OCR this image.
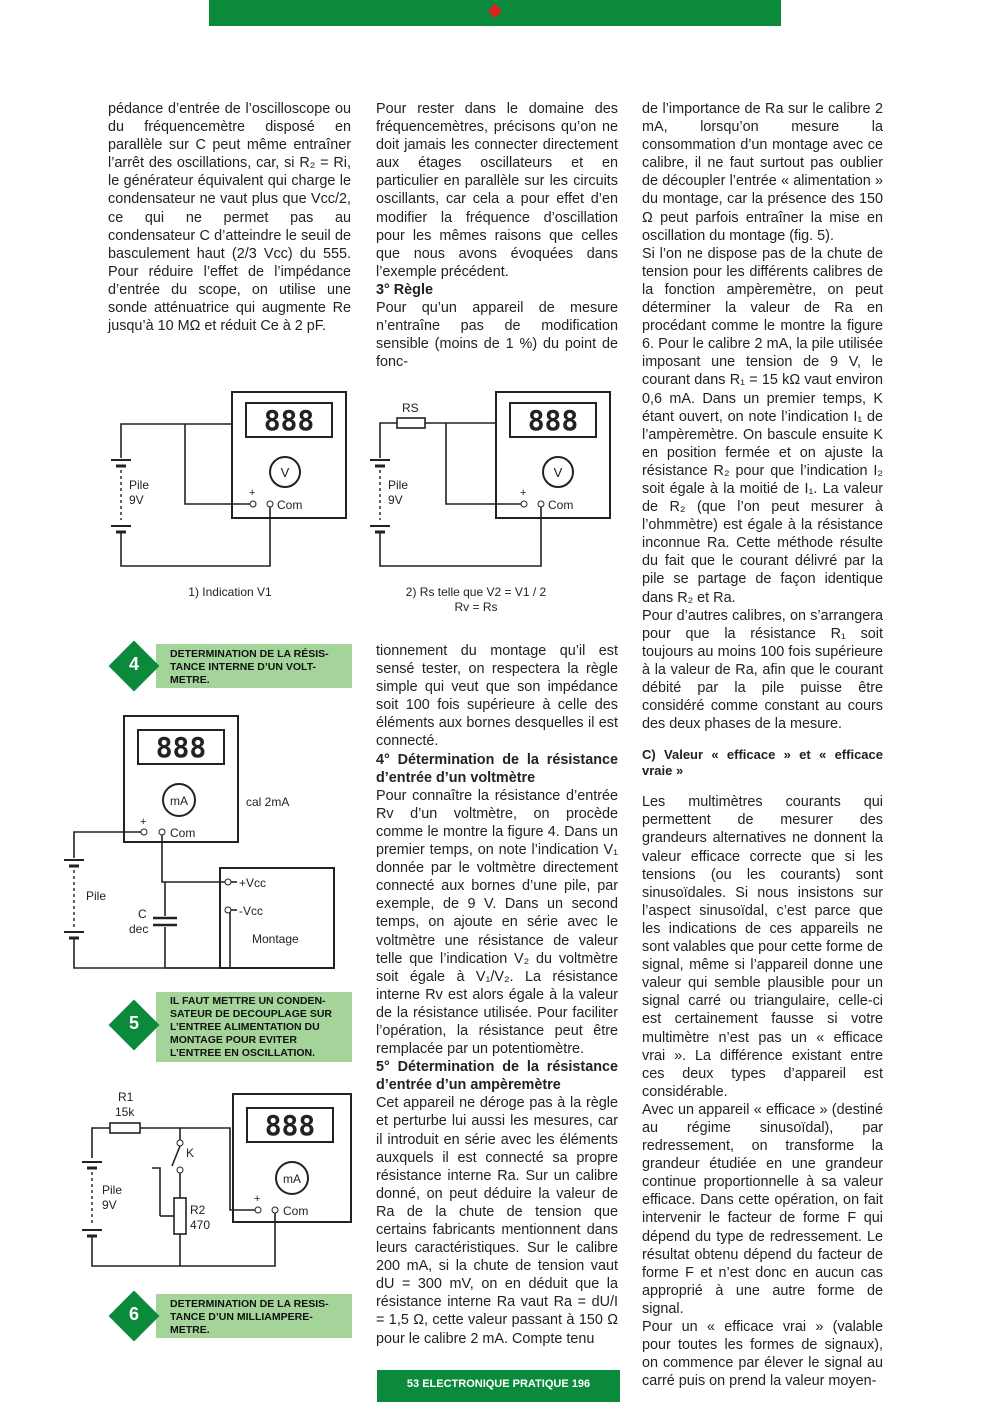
pédance d’entrée de l’oscilloscope ou du fréquencemètre disposé en parallèle sur C peut même entraîner l’arrêt des oscillations, car, si R₂ = Ri, le générateur équivalent qui charge le condensateur ne vaut plus que Vcc/2, ce qui ne permet pas au condensateur C d’atteindre le seuil de basculement haut (2/3 Vcc) du 555. Pour réduire l’effet de l’impédance d’entrée du scope, on utilise une sonde atténuatrice qui augmente Re jusqu’à 10 MΩ et réduit Ce à 2 pF.

Pour rester dans le domaine des fréquencemètres, précisons qu’on ne doit jamais les connecter directement aux étages oscillateurs et en particulier en parallèle sur les circuits oscillants, car cela a pour effet d’en modifier la fréquence d’oscillation pour les mêmes raisons que celles que nous avons évoquées dans l’exemple précédent.

3° Règle

Pour qu’un appareil de mesure n’entraîne pas de modification sensible (moins de 1 %) du point de fonc-

888
V
+
Com
Pile
9V
1) Indication V1
888
V
+
Com
RS
Pile
9V
2) Rs telle que V2 = V1 / 2
Rv = Rs
4	DETERMINATION DE LA RÉSIS-TANCE INTERNE D’UN VOLT-METRE.
888
mA	cal 2mA
+
Com
+Vcc
-Vcc
Montage
Pile
C
dec
5
IL FAUT METTRE UN CONDEN-SATEUR DE DECOUPLAGE SUR L’ENTREE ALIMENTATION DU MONTAGE POUR EVITER L’ENTREE EN OSCILLATION.
888
mA
+
Com
R1
15k
K
R2
470
Pile
9V
6	DETERMINATION DE LA RESIS-TANCE D’UN MILLIAMPERE-METRE.

tionnement du montage qu’il est sensé tester, on respectera la règle simple qui veut que son impédance soit 100 fois supérieure à celle des éléments aux bornes desquelles il est connecté.

4° Détermination de la résistance d’entrée d’un voltmètre

Pour connaître la résistance d’entrée Rv d’un voltmètre, on procède comme le montre la figure 4. Dans un premier temps, on note l’indication V₁ donnée par le voltmètre directement connecté aux bornes d’une pile, par exemple, de 9 V. Dans un second temps, on ajoute en série avec le voltmètre une résistance de valeur telle que l’indication V₂ du voltmètre soit égale à V₁/V₂. La résistance interne Rv est alors égale à la valeur de la résistance utilisée. Pour faciliter l’opération, la résistance peut être remplacée par un potentiomètre.

5° Détermination de la résistance d’entrée d’un ampèremètre

Cet appareil ne déroge pas à la règle et perturbe lui aussi les mesures, car il introduit en série avec les éléments auxquels il est connecté sa propre résistance interne Ra. Sur un calibre donné, on peut déduire la valeur de Ra de la chute de tension que certains fabricants mentionnent dans leurs caractéristiques. Sur le calibre 200 mA, si la chute de tension vaut dU = 300 mV, on en déduit que la résistance interne Ra vaut Ra = dU/I = 1,5 Ω, cette valeur passant à 150 Ω pour le calibre 2 mA. Compte tenu

de l’importance de Ra sur le calibre 2 mA, lorsqu’on mesure la consommation d’un montage avec ce calibre, il ne faut surtout pas oublier de découpler l’entrée « alimentation » du montage, car la présence des 150 Ω peut parfois entraîner la mise en oscillation du montage (fig. 5).

Si l’on ne dispose pas de la chute de tension pour les différents calibres de la fonction ampèremètre, on peut déterminer la valeur de Ra en procédant comme le montre la figure 6. Pour le calibre 2 mA, la pile utilisée imposant une tension de 9 V, le courant dans R₁ = 15 kΩ vaut environ 0,6 mA. Dans un premier temps, K étant ouvert, on note l’indication I₁ de l’ampèremètre. On bascule ensuite K en position fermée et on ajuste la résistance R₂ pour que l’indication I₂ soit égale à la moitié de I₁. La valeur de R₂ (que l’on peut mesurer à l’ohmmètre) est égale à la résistance inconnue Ra. Cette méthode résulte du fait que le courant délivré par la pile se partage de façon identique dans R₂ et Ra.

Pour d’autres calibres, on s’arrangera pour que la résistance R₁ soit toujours au moins 100 fois supérieure à la valeur de Ra, afin que le courant débité par la pile puisse être considéré comme constant au cours des deux phases de la mesure.

C) Valeur « efficace » et « efficace vraie »

Les multimètres courants qui permettent de mesurer des grandeurs alternatives ne donnent la valeur efficace correcte que si les tensions (ou les courants) sont sinusoïdales. Si nous insistons sur l’aspect sinusoïdal, c’est parce que les indications de ces appareils ne sont valables que pour cette forme de signal, même si l’appareil donne une valeur qui semble plausible pour un signal carré ou triangulaire, celle-ci est certainement fausse si votre multimètre n’est pas un « efficace vrai ». La différence existant entre ces deux types d’appareil est considérable.

Avec un appareil « efficace » (destiné au régime sinusoïdal), par redressement, on transforme la grandeur étudiée en une grandeur continue proportionnelle à sa valeur efficace. Dans cette opération, on fait intervenir le facteur de forme F qui dépend du type de redressement. Le résultat obtenu dépend du facteur de forme F et n’est donc en aucun cas approprié à une autre forme de signal.

Pour un « efficace vrai » (valable pour toutes les formes de signaux), on commence par élever le signal au carré puis on prend la valeur moyen-

53 ELECTRONIQUE PRATIQUE 196
